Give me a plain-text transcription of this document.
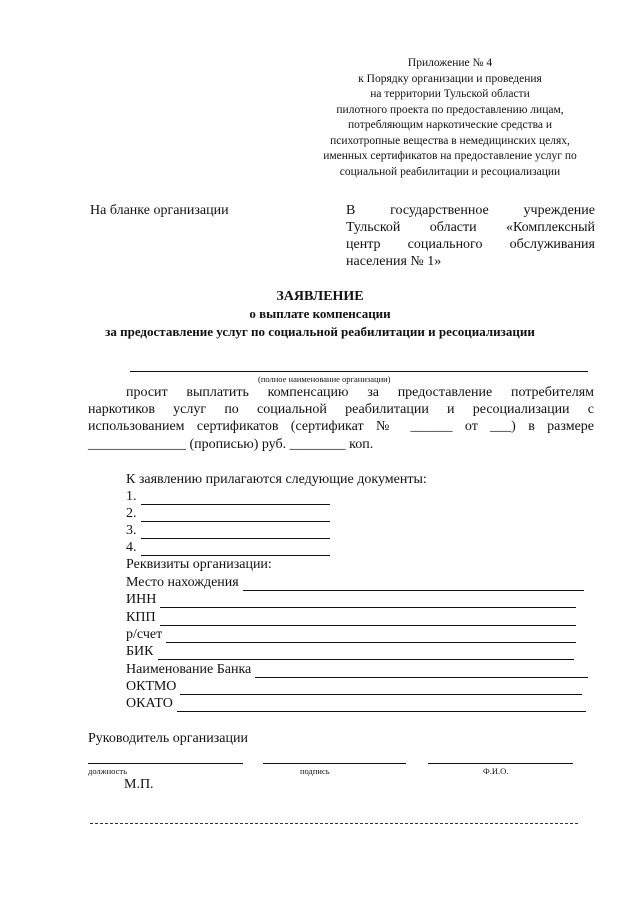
Приложение № 4
к Порядку организации и проведения
на территории Тульской области
пилотного проекта по предоставлению лицам,
потребляющим наркотические средства и
психотропные вещества в немедицинских целях,
именных сертификатов на предоставление услуг по
социальной реабилитации и ресоциализации
На бланке организации	В государственное учреждение
Тульской области «Комплексный
центр социального обслуживания
населения № 1»
ЗАЯВЛЕНИЕ
о выплате компенсации
за предоставление услуг по социальной реабилитации и ресоциализации
(полное наименование организации)
просит выплатить компенсацию за предоставление потребителям
наркотиков услуг по социальной реабилитации и ресоциализации с
использованием сертификатов (сертификат № ______ от ___) в размере
______________ (прописью) руб. ________ коп.
К заявлению прилагаются следующие документы:
1.
2.
3.
4.
Реквизиты организации:
Место нахождения
ИНН
КПП
р/счет
БИК
Наименование Банка
ОКТМО
ОКАТО
Руководитель организации
должность	подпись	Ф.И.О.
М.П.
